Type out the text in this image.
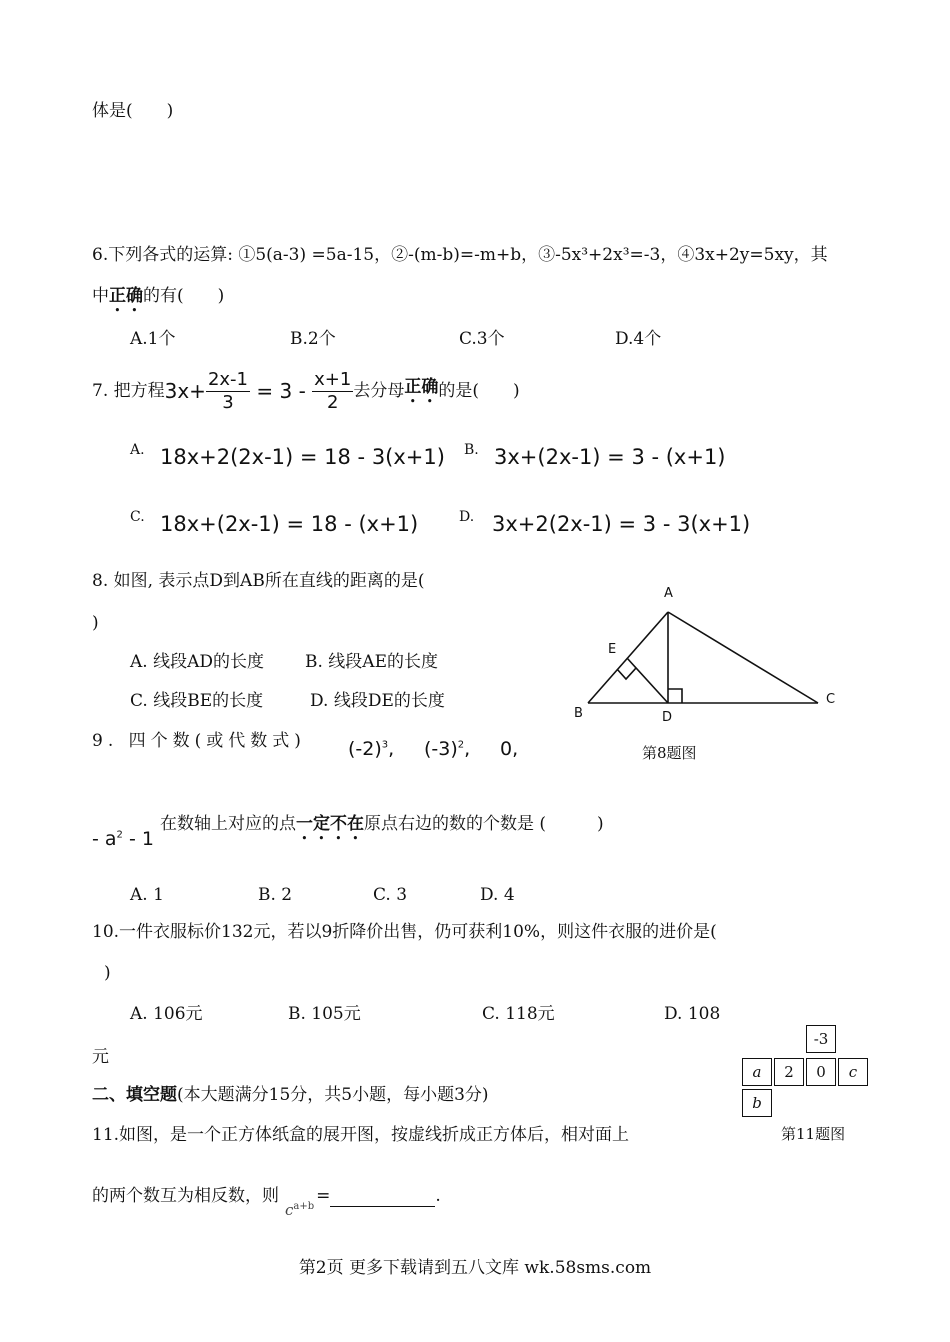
体是(　　)
6.下列各式的运算: ①5(a-3) =5a-15，②-(m-b)=-m+b，③-5x³+2x³=-3，④3x+2y=5xy，其
中正确的有(　　)
A.1个	B.2个	C.3个	D.4个
7. 把方程 $3x+ \frac{2x-1}{3} = 3 - \frac{x+1}{2}$ 去分母 正确 的是(　　)
A. 18x+2(2x-1) = 18 - 3(x+1) B. 3x+(2x-1) = 3 - (x+1)
C. 18x+(2x-1) = 18 - (x+1)	D. 3x+2(2x-1) = 3 - 3(x+1)
8. 如图, 表示点D到AB所在直线的距离的是(
)
A. 线段AD的长度 B. 线段AE的长度
C. 线段BE的长度	D. 线段DE的长度
A
B
C
D
E
第8题图
9. 四个数(或代数式) $(-2)^3$, $(-3)^2$, 0,
- $a^2 - 1$
在数轴上对应的点一定不在原点右边的数的个数是 (　　　)
A. 1	B. 2	C. 3	D. 4
10.一件衣服标价132元，若以9折降价出售，仍可获利10%，则这件衣服的进价是(
)
A. 106元	B. 105元	C. 118元	D. 108
元
二、填空题(本大题满分15分，共5小题，每小题3分)
-3
a	2	0	c
b
第11题图
11.如图，是一个正方体纸盒的展开图，按虚线折成正方体后，相对面上
的两个数互为相反数，则$c^{a+b}=$	.
第2页 更多下载请到五八文库 wk.58sms.com
